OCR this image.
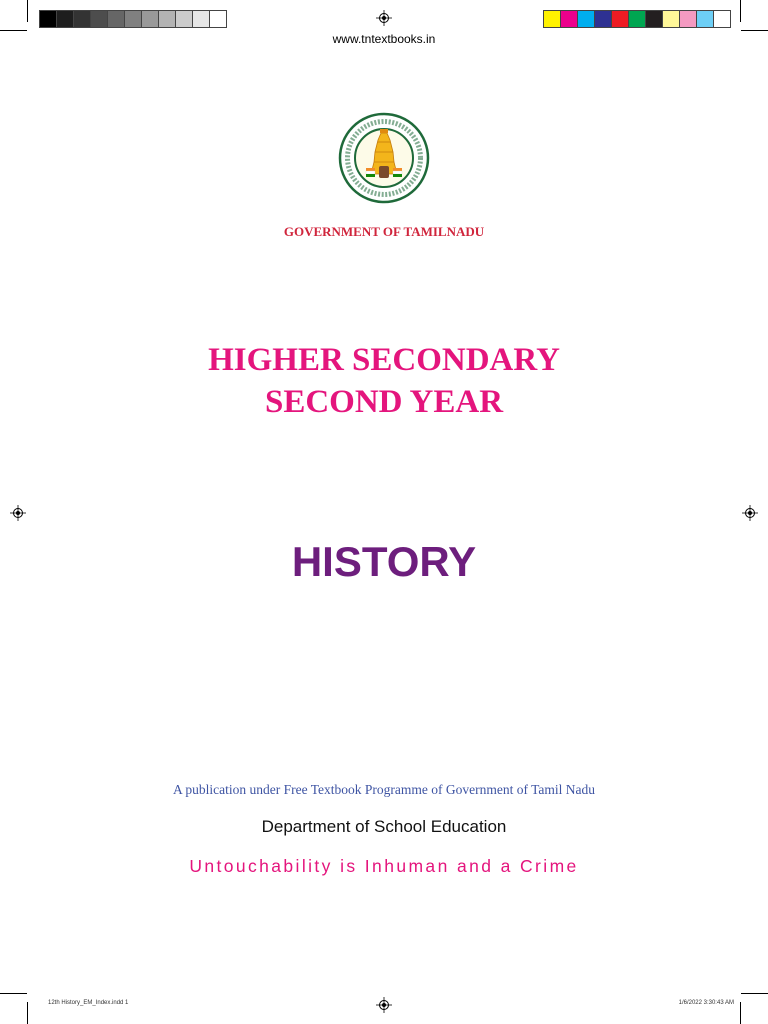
www.tntextbooks.in
GOVERNMENT OF TAMILNADU
HIGHER SECONDARY
SECOND YEAR
HISTORY
A publication under Free Textbook Programme of Government of Tamil Nadu
Department of School Education
Untouchability is Inhuman and a Crime
12th History_EM_Index.indd 1	1/6/2022 3:30:43 AM
